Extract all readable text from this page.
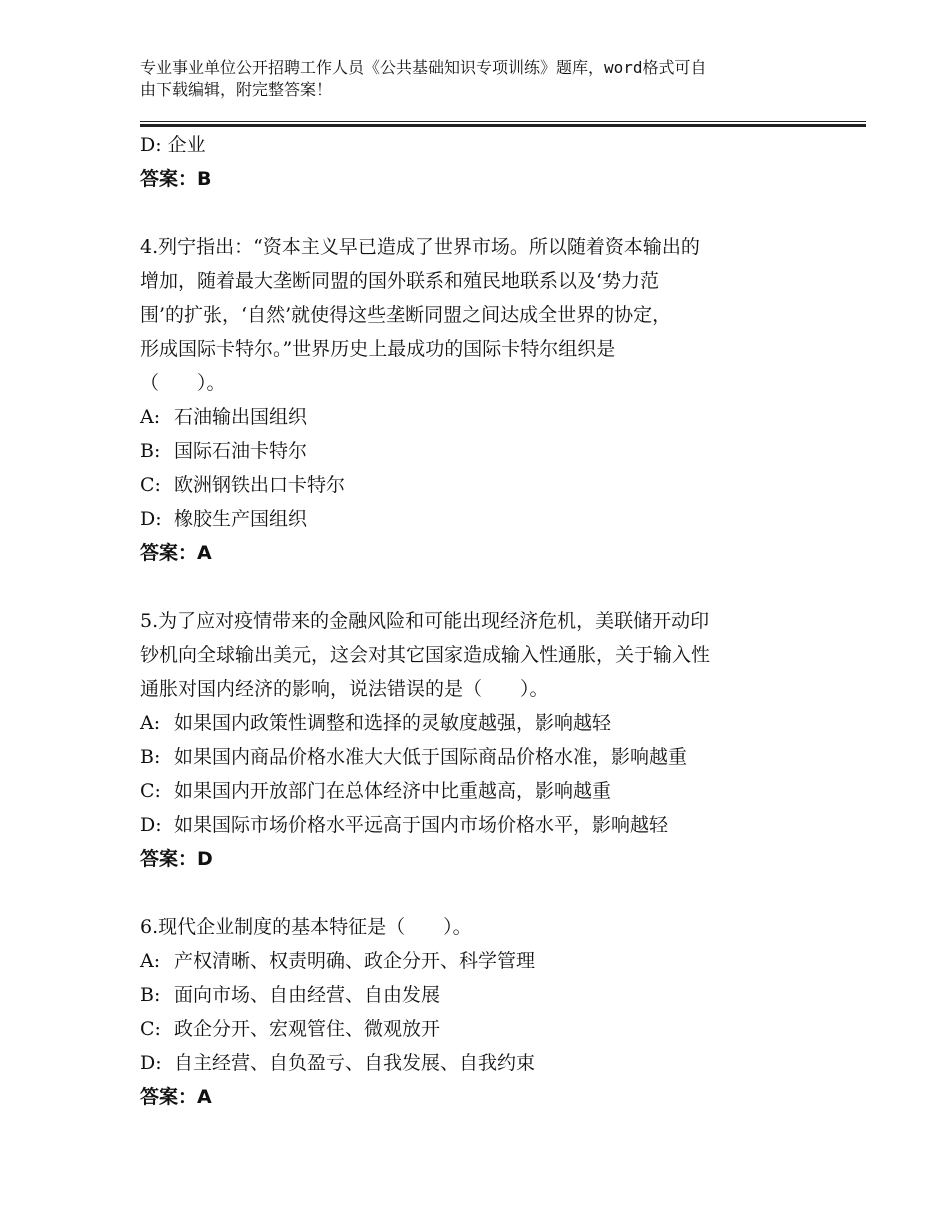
专业事业单位公开招聘工作人员《公共基础知识专项训练》题库，word格式可自
由下载编辑，附完整答案！
D: 企业
答案：B
4.列宁指出：“资本主义早已造成了世界市场。所以随着资本输出的
增加，随着最大垄断同盟的国外联系和殖民地联系以及‘势力范
围’的扩张，‘自然’就使得这些垄断同盟之间达成全世界的协定，
形成国际卡特尔。”世界历史上最成功的国际卡特尔组织是
（　　）。
A: 石油输出国组织
B: 国际石油卡特尔
C: 欧洲钢铁出口卡特尔
D: 橡胶生产国组织
答案：A
5.为了应对疫情带来的金融风险和可能出现经济危机，美联储开动印
钞机向全球输出美元，这会对其它国家造成输入性通胀，关于输入性
通胀对国内经济的影响，说法错误的是（　　）。
A: 如果国内政策性调整和选择的灵敏度越强，影响越轻
B: 如果国内商品价格水准大大低于国际商品价格水准，影响越重
C: 如果国内开放部门在总体经济中比重越高，影响越重
D: 如果国际市场价格水平远高于国内市场价格水平，影响越轻
答案：D
6.现代企业制度的基本特征是（　　）。
A: 产权清晰、权责明确、政企分开、科学管理
B: 面向市场、自由经营、自由发展
C: 政企分开、宏观管住、微观放开
D: 自主经营、自负盈亏、自我发展、自我约束
答案：A
